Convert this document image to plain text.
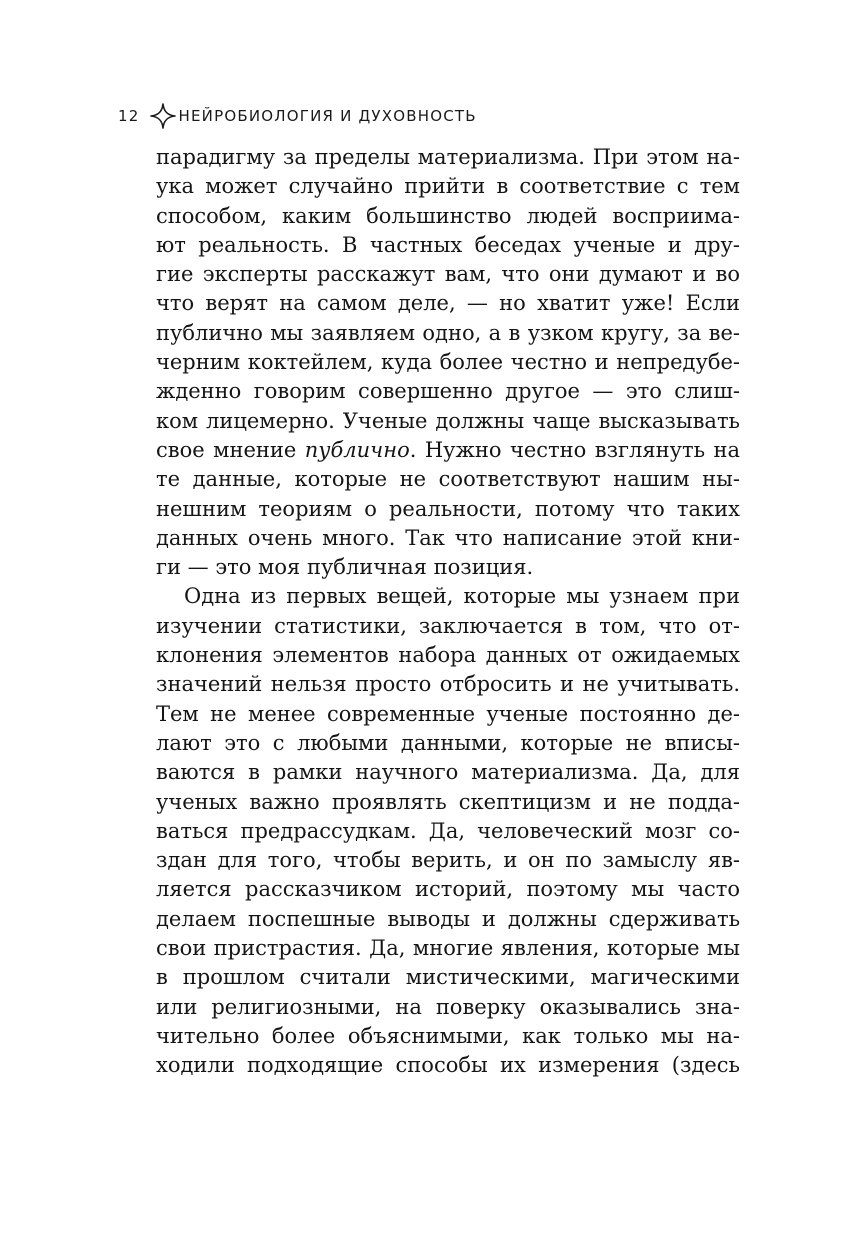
12	НЕЙРОБИОЛОГИЯ И ДУХОВНОСТЬ
парадигму за пределы материализма. При этом на-
ука может случайно прийти в соответствие с тем
способом, каким большинство людей восприима-
ют реальность. В частных беседах ученые и дру-
гие эксперты расскажут вам, что они думают и во
что верят на самом деле, — но хватит уже! Если
публично мы заявляем одно, а в узком кругу, за ве-
черним коктейлем, куда более честно и непредубе-
жденно говорим совершенно другое — это слиш-
ком лицемерно. Ученые должны чаще высказывать
свое мнение публично. Нужно честно взглянуть на
те данные, которые не соответствуют нашим ны-
нешним теориям о реальности, потому что таких
данных очень много. Так что написание этой кни-
ги — это моя публичная позиция.
Одна из первых вещей, которые мы узнаем при
изучении статистики, заключается в том, что от-
клонения элементов набора данных от ожидаемых
значений нельзя просто отбросить и не учитывать.
Тем не менее современные ученые постоянно де-
лают это с любыми данными, которые не вписы-
ваются в рамки научного материализма. Да, для
ученых важно проявлять скептицизм и не подда-
ваться предрассудкам. Да, человеческий мозг со-
здан для того, чтобы верить, и он по замыслу яв-
ляется рассказчиком историй, поэтому мы часто
делаем поспешные выводы и должны сдерживать
свои пристрастия. Да, многие явления, которые мы
в прошлом считали мистическими, магическими
или религиозными, на поверку оказывались зна-
чительно более объяснимыми, как только мы на-
ходили подходящие способы их измерения (здесь
